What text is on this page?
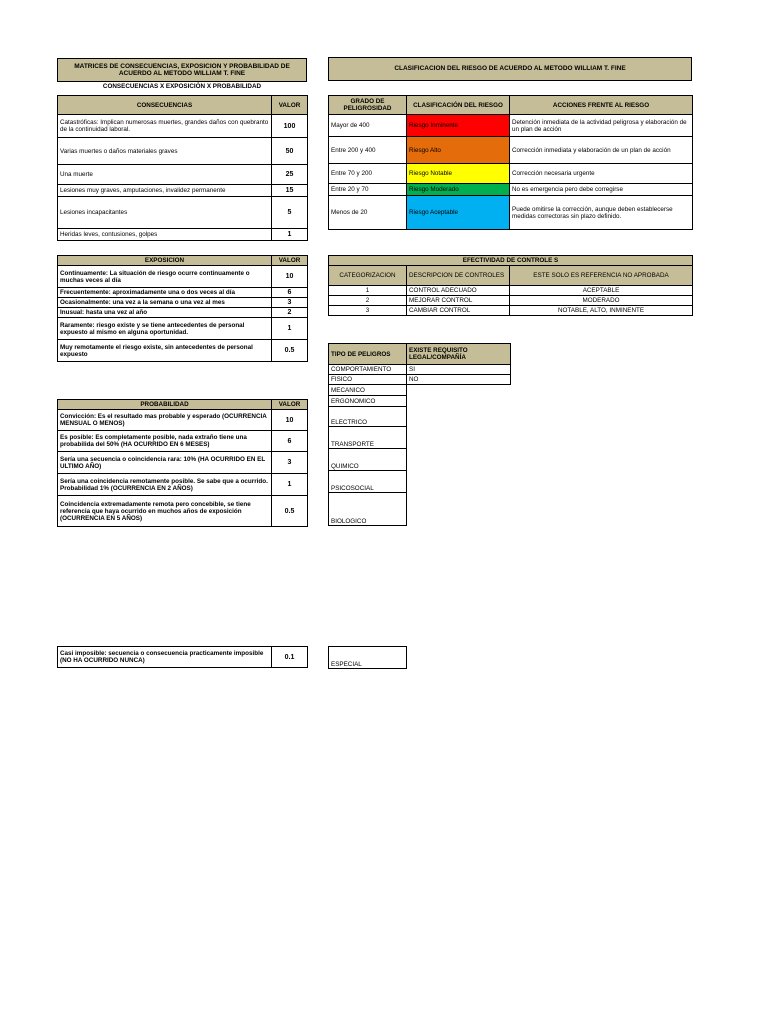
MATRICES DE CONSECUENCIAS, EXPOSICION Y PROBABILIDAD DE ACUERDO AL METODO WILLIAM T. FINE
CONSECUENCIAS X EXPOSICIÓN X PROBABILIDAD
CLASIFICACION DEL RIESGO DE ACUERDO AL METODO WILLIAM T. FINE
CONSECUENCIAS	VALOR
Catastróficas: Implican numerosas muertes, grandes daños con quebranto de la continuidad laboral.	100
Varias muertes o daños materiales graves	50
Una muerte	25
Lesiones muy graves, amputaciones, invalidez permanente	15
Lesiones incapacitantes	5
Heridas leves, contusiones, golpes	1
EXPOSICION	VALOR
Continuamente: La situación de riesgo ocurre continuamente o muchas veces al día	10
Frecuentemente: aproximadamente una o dos veces al día	6
Ocasionalmente: una vez a la semana o una vez al mes	3
Inusual: hasta una vez al año	2
Raramente: riesgo existe y se tiene antecedentes de personal expuesto al mismo en alguna oportunidad.	1
Muy remotamente el riesgo existe, sin antecedentes de personal expuesto	0.5
PROBABILIDAD	VALOR
Convicción: Es el resultado mas probable y esperado (OCURRENCIA MENSUAL O MENOS)	10
Es posible: Es completamente posible, nada extraño tiene una probabilida del 50% (HA OCURRIDO EN 6 MESES)	6
Sería una secuencia o coincidencia rara: 10% (HA OCURRIDO EN EL ULTIMO AÑO)	3
Sería una coincidencia remotamente posible. Se sabe que a ocurrido. Probabilidad 1% (OCURRENCIA EN 2 AÑOS)	1
Coincidencia extremadamente remota pero concebible, se tiene referencia que haya ocurrido en muchos años de exposición (OCURRENCIA EN 5 AÑOS)	0.5
Casi imposible: secuencia o consecuencia practicamente imposible (NO HA OCURRIDO NUNCA)	0.1
GRADO DE PELIGROSIDAD	CLASIFICACIÓN DEL RIESGO	ACCIONES FRENTE AL RIESGO
Mayor de 400	Riesgo Inminente	Detención inmediata de la actividad peligrosa y elaboración de un plan de acción
Entre 200 y 400	Riesgo Alto	Corrección inmediata y elaboración de un plan de acción
Entre 70 y 200	Riesgo Notable	Corrección necesaria urgente
Entre 20 y 70	Riesgo Moderado	No es emergencia pero debe corregirse
Menos de 20	Riesgo Aceptable	Puede omitirse la corrección, aunque deben establecerse medidas correctoras sin plazo definido.
EFECTIVIDAD DE CONTROLE S		
CATEGORIZACION	DESCRIPCION DE CONTROLES	ESTE SOLO ES REFERENCIA NO APROBADA
1	CONTROL ADECUADO	ACEPTABLE
2	MEJORAR CONTROL	MODERADO
3	CAMBIAR CONTROL	NOTABLE, ALTO, INMINENTE
TIPO DE PELIGROS	EXISTE REQUISITO LEGAL/COMPAÑÍA
COMPORTAMIENTO	SI
FISICO	NO
MECANICO	
ERGONOMICO	
ELECTRICO	
TRANSPORTE	
QUIMICO	
PSICOSOCIAL	
BIOLOGICO	
ESPECIAL
